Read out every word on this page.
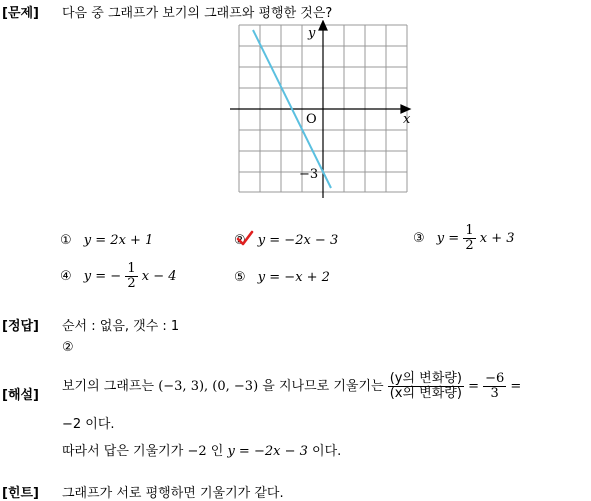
[문제] 다음 중 그래프가 보기의 그래프와 평행한 것은?
y
x
O
−3
① y = 2x + 1	② y = −2x − 3	③ $y = \frac{1}{2}$ x + 3
④ y = − $\frac{1}{2}$ x − 4	⑤ y = −x + 2
[정답] 순서 : 없음, 갯수 : 1
②
[해설]
보기의 그래프는 (−3, 3), (0, −3) 을 지나므로 기울기는 $\frac{\text{(y의 변화량)}}{\text{(x의 변화량)}} = \frac{-6}{3}$ =
−2 이다.
따라서 답은 기울기가 −2 인 y = −2x − 3 이다.
[힌트] 그래프가 서로 평행하면 기울기가 같다.
